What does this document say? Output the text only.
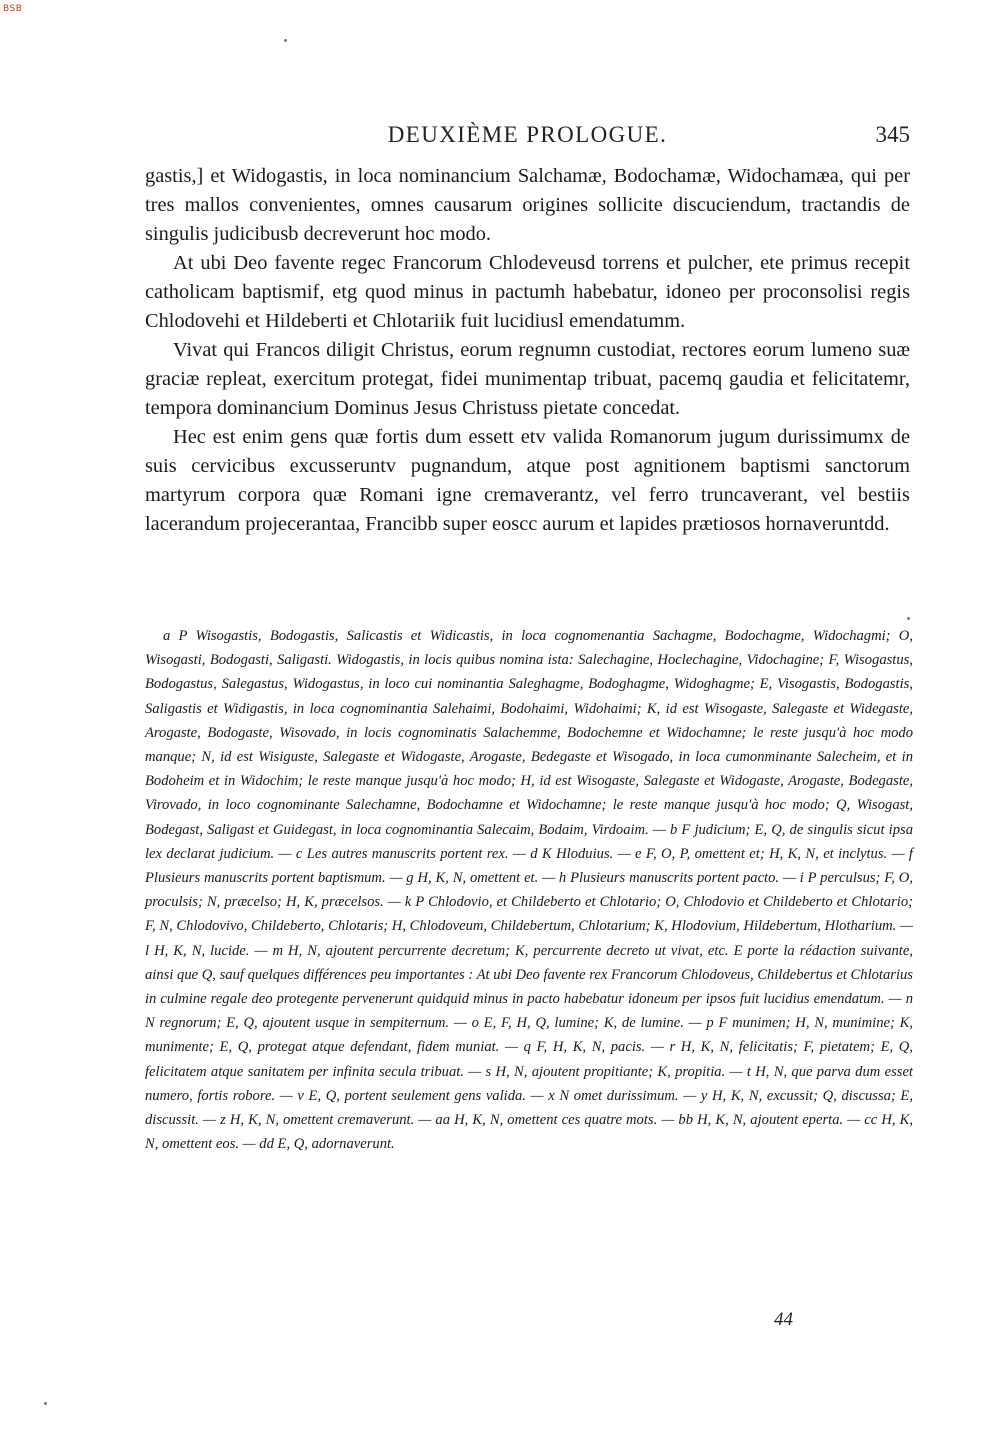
BSB
DEUXIÈME PROLOGUE.	345

gastis,] et Widogastis, in loca nominancium Salchamæ, Bodochamæ, Widochamæa, qui per tres mallos convenientes, omnes causarum origines sollicite discuciendum, tractandis de singulis judicibusb decreverunt hoc modo.

At ubi Deo favente regec Francorum Chlodeveusd torrens et pulcher, ete primus recepit catholicam baptismif, etg quod minus in pactumh habebatur, idoneo per proconsolisi regis Chlodovehi et Hildeberti et Chlotariik fuit lucidiusl emendatumm.

Vivat qui Francos diligit Christus, eorum regnumn custodiat, rectores eorum lumeno suæ graciæ repleat, exercitum protegat, fidei munimentap tribuat, pacemq gaudia et felicitatemr, tempora dominancium Dominus Jesus Christuss pietate concedat.

Hec est enim gens quæ fortis dum essett etv valida Romanorum jugum durissimumx de suis cervicibus excusseruntv pugnandum, atque post agnitionem baptismi sanctorum martyrum corpora quæ Romani igne cremaverantz, vel ferro truncaverant, vel bestiis lacerandum projecerantaa, Francibb super eoscc aurum et lapides prætiosos hornaveruntdd.

a P Wisogastis, Bodogastis, Salicastis et Widicastis, in loca cognomenantia Sachagme, Bodochagme, Widochagmi; O, Wisogasti, Bodogasti, Saligasti. Widogastis, in locis quibus nomina ista: Salechagine, Hoclechagine, Vidochagine; F, Wisogastus, Bodogastus, Salegastus, Widogastus, in loco cui nominantia Saleghagme, Bodoghagme, Widoghagme; E, Visogastis, Bodogastis, Saligastis et Widigastis, in loca cognominantia Salehaimi, Bodohaimi, Widohaimi; K, id est Wisogaste, Salegaste et Widegaste, Arogaste, Bodogaste, Wisovado, in locis cognominatis Salachemme, Bodochemne et Widochamne; le reste jusqu'à hoc modo manque; N, id est Wisiguste, Salegaste et Widogaste, Arogaste, Bedegaste et Wisogado, in loca cumonminante Salecheim, et in Bodoheim et in Widochim; le reste manque jusqu'à hoc modo; H, id est Wisogaste, Salegaste et Widogaste, Arogaste, Bodegaste, Virovado, in loco cognominante Salechamne, Bodochamne et Widochamne; le reste manque jusqu'à hoc modo; Q, Wisogast, Bodegast, Saligast et Guidegast, in loca cognominantia Salecaim, Bodaim, Virdoaim. — b F judicium; E, Q, de singulis sicut ipsa lex declarat judicium. — c Les autres manuscrits portent rex. — d K Hloduius. — e F, O, P, omettent et; H, K, N, et inclytus. — f Plusieurs manuscrits portent baptismum. — g H, K, N, omettent et. — h Plusieurs manuscrits portent pacto. — i P perculsus; F, O, proculsis; N, præcelso; H, K, præcelsos. — k P Chlodovio, et Childeberto et Chlotario; O, Chlodovio et Childeberto et Chlotario; F, N, Chlodovivo, Childeberto, Chlotaris; H, Chlodoveum, Childebertum, Chlotarium; K, Hlodovium, Hildebertum, Hlotharium. — l H, K, N, lucide. — m H, N, ajoutent percurrente decretum; K, percurrente decreto ut vivat, etc. E porte la rédaction suivante, ainsi que Q, sauf quelques différences peu importantes : At ubi Deo favente rex Francorum Chlodoveus, Childebertus et Chlotarius in culmine regale deo protegente pervenerunt quidquid minus in pacto habebatur idoneum per ipsos fuit lucidius emendatum. — n N regnorum; E, Q, ajoutent usque in sempiternum. — o E, F, H, Q, lumine; K, de lumine. — p F munimen; H, N, munimine; K, munimente; E, Q, protegat atque defendant, fidem muniat. — q F, H, K, N, pacis. — r H, K, N, felicitatis; F, pietatem; E, Q, felicitatem atque sanitatem per infinita secula tribuat. — s H, N, ajoutent propitiante; K, propitia. — t H, N, que parva dum esset numero, fortis robore. — v E, Q, portent seulement gens valida. — x N omet durissimum. — y H, K, N, excussit; Q, discussa; E, discussit. — z H, K, N, omettent cremaverunt. — aa H, K, N, omettent ces quatre mots. — bb H, K, N, ajoutent eperta. — cc H, K, N, omettent eos. — dd E, Q, adornaverunt.

44
